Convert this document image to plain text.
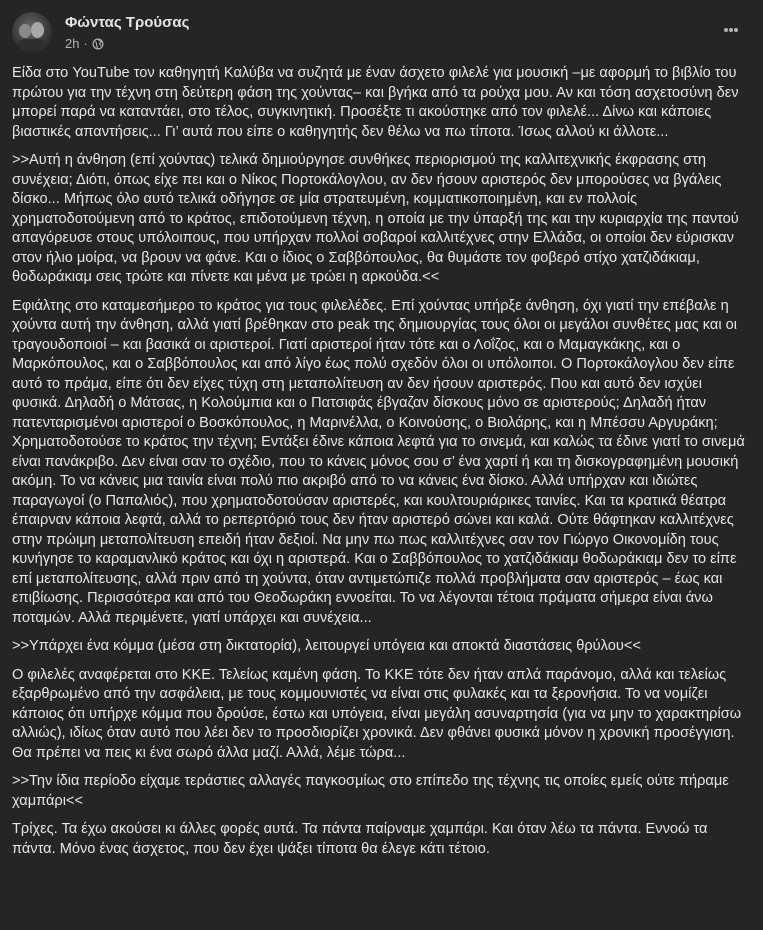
Φώντας Τρούσας
2h ·

Είδα στο YouTube τον καθηγητή Καλύβα να συζητά με έναν άσχετο φιλελέ για μουσική –με αφορμή το βιβλίο του πρώτου για την τέχνη στη δεύτερη φάση της χούντας– και βγήκα από τα ρούχα μου. Αν και τόση ασχετοσύνη δεν μπορεί παρά να καταντάει, στο τέλος, συγκινητική. Προσέξτε τι ακούστηκε από τον φιλελέ... Δίνω και κάποιες βιαστικές απαντήσεις... Γι’ αυτά που είπε ο καθηγητής δεν θέλω να πω τίποτα. Ίσως αλλού κι άλλοτε...

>>Αυτή η άνθηση (επί χούντας) τελικά δημιούργησε συνθήκες περιορισμού της καλλιτεχνικής έκφρασης στη συνέχεια; Διότι, όπως είχε πει και ο Νίκος Πορτοκάλογλου, αν δεν ήσουν αριστερός δεν μπορούσες να βγάλεις δίσκο... Μήπως όλο αυτό τελικά οδήγησε σε μία στρατευμένη, κομματικοποιημένη, και εν πολλοίς χρηματοδοτούμενη από το κράτος, επιδοτούμενη τέχνη, η οποία με την ύπαρξή της και την κυριαρχία της παντού απαγόρευσε στους υπόλοιπους, που υπήρχαν πολλοί σοβαροί καλλιτέχνες στην Ελλάδα, οι οποίοι δεν εύρισκαν στον ήλιο μοίρα, να βρουν να φάνε. Και ο ίδιος ο Σαββόπουλος, θα θυμάστε τον φοβερό στίχο χατζιδάκιαμ, θοδωράκιαμ σεις τρώτε και πίνετε και μένα με τρώει η αρκούδα.<<

Εφιάλτης στο καταμεσήμερο το κράτος για τους φιλελέδες. Επί χούντας υπήρξε άνθηση, όχι γιατί την επέβαλε η χούντα αυτή την άνθηση, αλλά γιατί βρέθηκαν στο peak της δημιουργίας τους όλοι οι μεγάλοι συνθέτες μας και οι τραγουδοποιοί – και βασικά οι αριστεροί. Γιατί αριστεροί ήταν τότε και ο Λοΐζος, και ο Μαμαγκάκης, και ο Μαρκόπουλος, και ο Σαββόπουλος και από λίγο έως πολύ σχεδόν όλοι οι υπόλοιποι. Ο Πορτοκάλογλου δεν είπε αυτό το πράμα, είπε ότι δεν είχες τύχη στη μεταπολίτευση αν δεν ήσουν αριστερός. Που και αυτό δεν ισχύει φυσικά. Δηλαδή ο Μάτσας, η Κολούμπια και ο Πατσιφάς έβγαζαν δίσκους μόνο σε αριστερούς; Δηλαδή ήταν πατενταρισμένοι αριστεροί ο Βοσκόπουλος, η Μαρινέλλα, ο Κοινούσης, ο Βιολάρης, και η Μπέσσυ Αργυράκη; Χρηματοδοτούσε το κράτος την τέχνη; Εντάξει έδινε κάποια λεφτά για το σινεμά, και καλώς τα έδινε γιατί το σινεμά είναι πανάκριβο. Δεν είναι σαν το σχέδιο, που το κάνεις μόνος σου σ’ ένα χαρτί ή και τη δισκογραφημένη μουσική ακόμη. Το να κάνεις μια ταινία είναι πολύ πιο ακριβό από το να κάνεις ένα δίσκο. Αλλά υπήρχαν και ιδιώτες παραγωγοί (ο Παπαλιός), που χρηματοδοτούσαν αριστερές, και κουλτουριάρικες ταινίες. Και τα κρατικά θέατρα έπαιρναν κάποια λεφτά, αλλά το ρεπερτόριό τους δεν ήταν αριστερό σώνει και καλά. Ούτε θάφτηκαν καλλιτέχνες στην πρώιμη μεταπολίτευση επειδή ήταν δεξιοί. Να μην πω πως καλλιτέχνες σαν τον Γιώργο Οικονομίδη τους κυνήγησε το καραμανλικό κράτος και όχι η αριστερά. Και ο Σαββόπουλος το χατζιδάκιαμ θοδωράκιαμ δεν το είπε επί μεταπολίτευσης, αλλά πριν από τη χούντα, όταν αντιμετώπιζε πολλά προβλήματα σαν αριστερός – έως και επιβίωσης. Περισσότερα και από του Θεοδωράκη εννοείται. Το να λέγονται τέτοια πράματα σήμερα είναι άνω ποταμών. Αλλά περιμένετε, γιατί υπάρχει και συνέχεια...

>>Υπάρχει ένα κόμμα (μέσα στη δικτατορία), λειτουργεί υπόγεια και αποκτά διαστάσεις θρύλου<<

Ο φιλελές αναφέρεται στο ΚΚΕ. Τελείως καμένη φάση. Το ΚΚΕ τότε δεν ήταν απλά παράνομο, αλλά και τελείως εξαρθρωμένο από την ασφάλεια, με τους κομμουνιστές να είναι στις φυλακές και τα ξερονήσια. Το να νομίζει κάποιος ότι υπήρχε κόμμα που δρούσε, έστω και υπόγεια, είναι μεγάλη ασυναρτησία (για να μην το χαρακτηρίσω αλλιώς), ιδίως όταν αυτό που λέει δεν το προσδιορίζει χρονικά. Δεν φθάνει φυσικά μόνον η χρονική προσέγγιση. Θα πρέπει να πεις κι ένα σωρό άλλα μαζί. Αλλά, λέμε τώρα...

>>Την ίδια περίοδο είχαμε τεράστιες αλλαγές παγκοσμίως στο επίπεδο της τέχνης τις οποίες εμείς ούτε πήραμε χαμπάρι<<

Τρίχες. Τα έχω ακούσει κι άλλες φορές αυτά. Τα πάντα παίρναμε χαμπάρι. Και όταν λέω τα πάντα. Εννοώ τα πάντα. Μόνο ένας άσχετος, που δεν έχει ψάξει τίποτα θα έλεγε κάτι τέτοιο.
